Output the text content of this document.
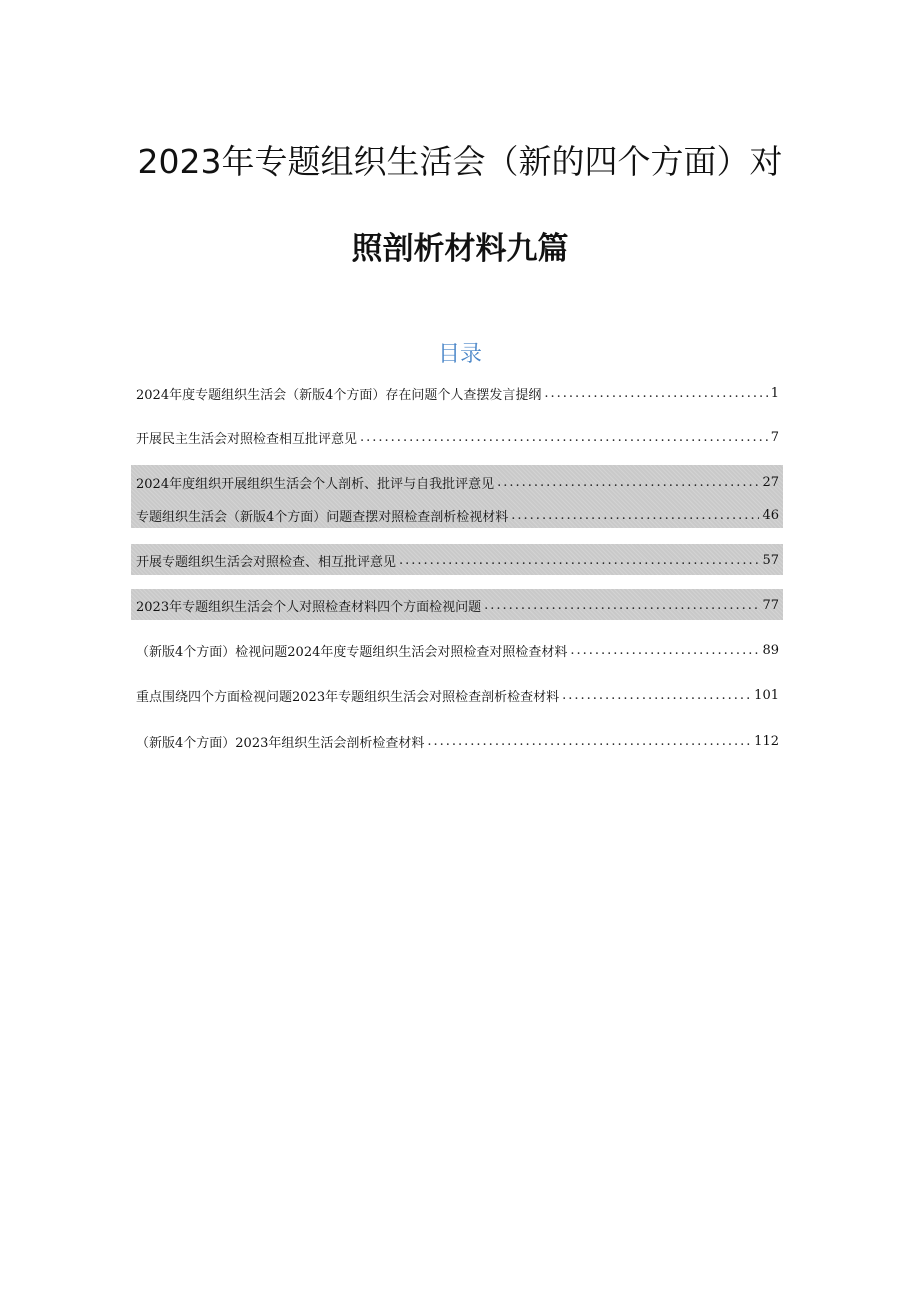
2023年专题组织生活会（新的四个方面）对
照剖析材料九篇
目录
2024年度专题组织生活会（新版4个方面）存在问题个人查摆发言提纲 .....	1
开展民主生活会对照检查相互批评意见 .....	7
2024年度组织开展组织生活会个人剖析、批评与自我批评意见 .....	27
专题组织生活会（新版4个方面）问题查摆对照检查剖析检视材料 .....	46
开展专题组织生活会对照检查、相互批评意见 .....	57
2023年专题组织生活会个人对照检查材料四个方面检视问题 .....	77
（新版4个方面）检视问题2024年度专题组织生活会对照检查对照检查材料 .....	89
重点围绕四个方面检视问题2023年专题组织生活会对照检查剖析检查材料 .....	101
（新版4个方面）2023年组织生活会剖析检查材料 .....	112
